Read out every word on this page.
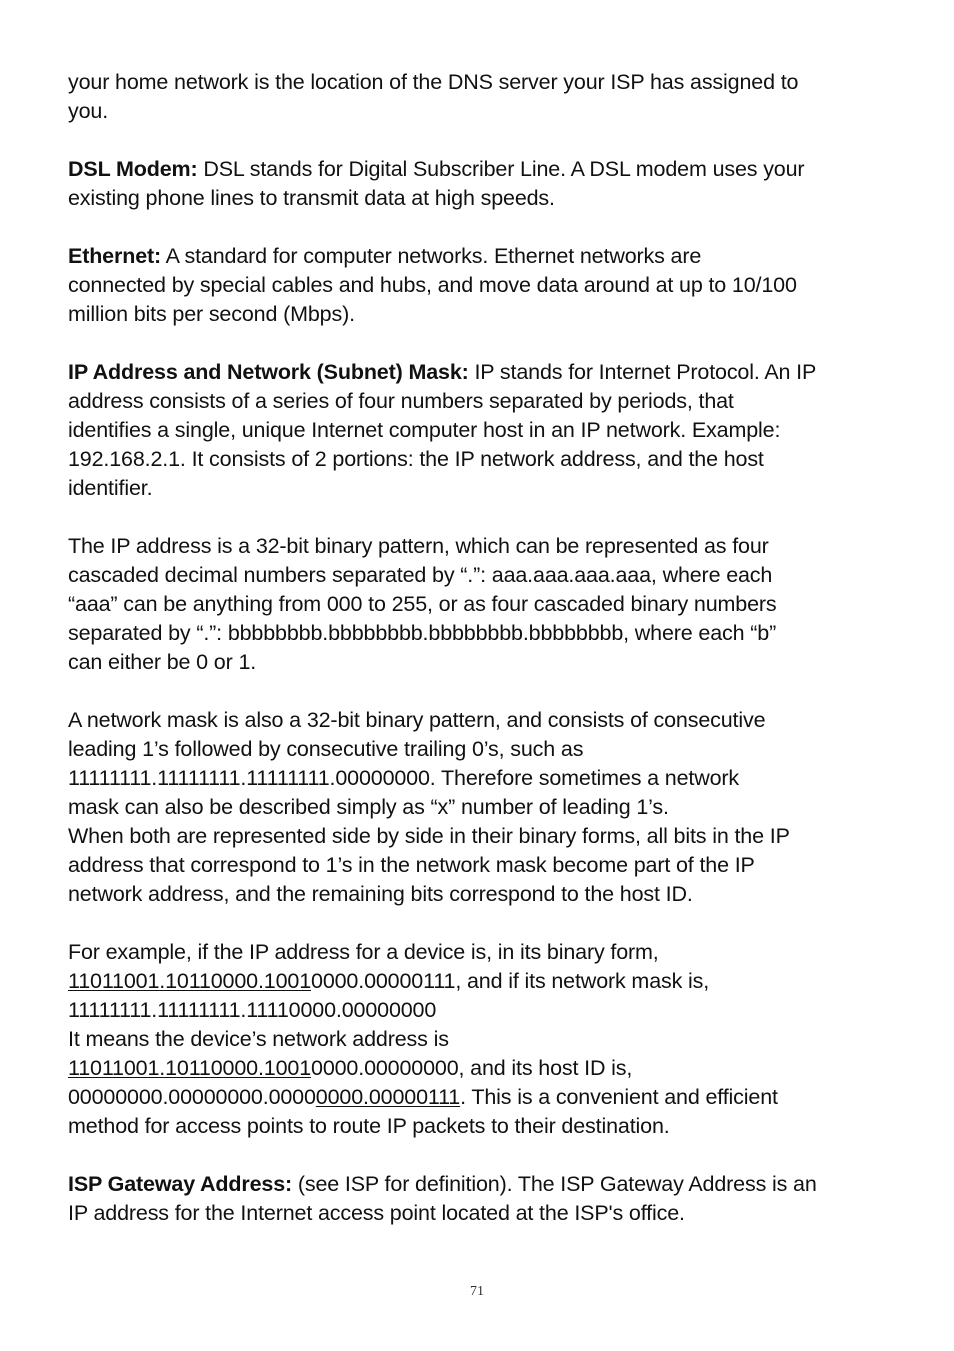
your home network is the location of the DNS server your ISP has assigned to
you.

DSL Modem: DSL stands for Digital Subscriber Line. A DSL modem uses your
existing phone lines to transmit data at high speeds.

Ethernet: A standard for computer networks. Ethernet networks are
connected by special cables and hubs, and move data around at up to 10/100
million bits per second (Mbps).

IP Address and Network (Subnet) Mask: IP stands for Internet Protocol. An IP
address consists of a series of four numbers separated by periods, that
identifies a single, unique Internet computer host in an IP network. Example:
192.168.2.1. It consists of 2 portions: the IP network address, and the host
identifier.

The IP address is a 32-bit binary pattern, which can be represented as four
cascaded decimal numbers separated by “.”: aaa.aaa.aaa.aaa, where each
“aaa” can be anything from 000 to 255, or as four cascaded binary numbers
separated by “.”: bbbbbbbb.bbbbbbbb.bbbbbbbb.bbbbbbbb, where each “b”
can either be 0 or 1.

A network mask is also a 32-bit binary pattern, and consists of consecutive
leading 1’s followed by consecutive trailing 0’s, such as
11111111.11111111.11111111.00000000. Therefore sometimes a network
mask can also be described simply as “x” number of leading 1’s.
When both are represented side by side in their binary forms, all bits in the IP
address that correspond to 1’s in the network mask become part of the IP
network address, and the remaining bits correspond to the host ID.

For example, if the IP address for a device is, in its binary form,
11011001.10110000.10010000.00000111, and if its network mask is,
11111111.11111111.11110000.00000000
It means the device’s network address is
11011001.10110000.10010000.00000000, and its host ID is,
00000000.00000000.00000000.00000111. This is a convenient and efficient
method for access points to route IP packets to their destination.

ISP Gateway Address: (see ISP for definition). The ISP Gateway Address is an
IP address for the Internet access point located at the ISP's office.

71
